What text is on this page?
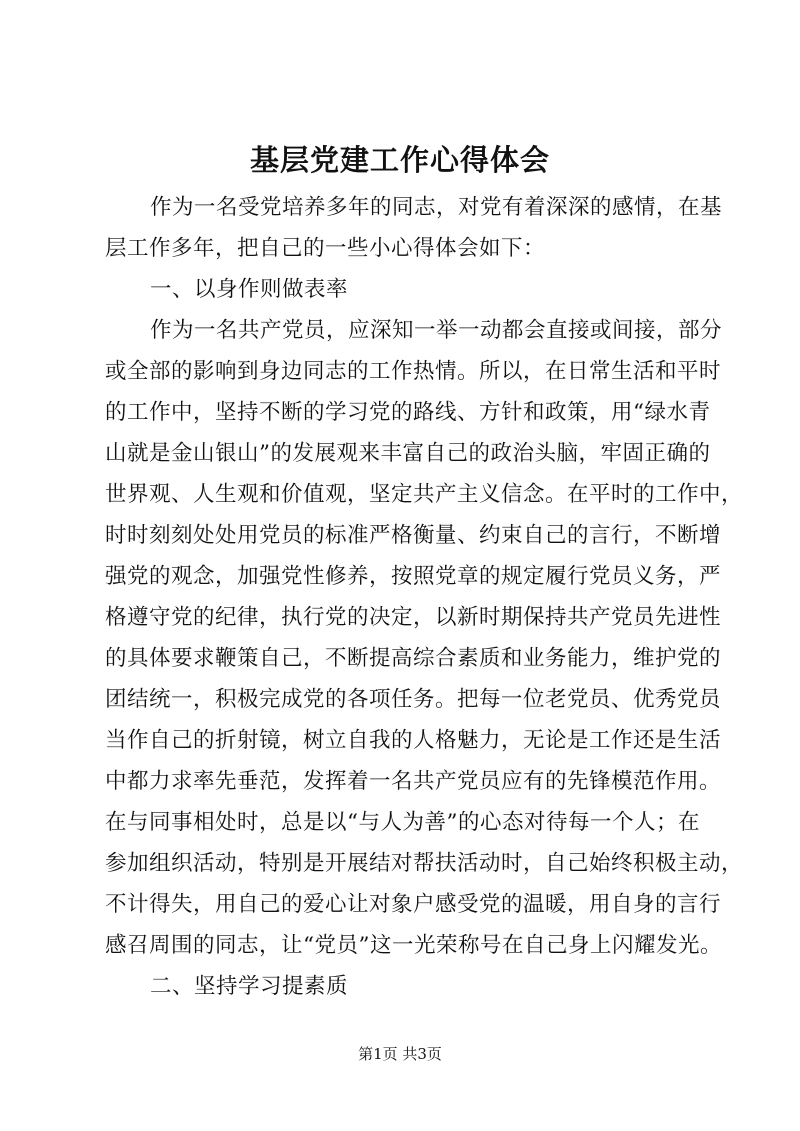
基层党建工作心得体会
作为一名受党培养多年的同志，对党有着深深的感情，在基
层工作多年，把自己的一些小心得体会如下：
一、以身作则做表率
作为一名共产党员，应深知一举一动都会直接或间接，部分
或全部的影响到身边同志的工作热情。所以，在日常生活和平时
的工作中，坚持不断的学习党的路线、方针和政策，用“绿水青
山就是金山银山”的发展观来丰富自己的政治头脑，牢固正确的
世界观、人生观和价值观，坚定共产主义信念。在平时的工作中，
时时刻刻处处用党员的标准严格衡量、约束自己的言行，不断增
强党的观念，加强党性修养，按照党章的规定履行党员义务，严
格遵守党的纪律，执行党的决定，以新时期保持共产党员先进性
的具体要求鞭策自己，不断提高综合素质和业务能力，维护党的
团结统一，积极完成党的各项任务。把每一位老党员、优秀党员
当作自己的折射镜，树立自我的人格魅力，无论是工作还是生活
中都力求率先垂范，发挥着一名共产党员应有的先锋模范作用。
在与同事相处时，总是以“与人为善”的心态对待每一个人；在
参加组织活动，特别是开展结对帮扶活动时，自己始终积极主动，
不计得失，用自己的爱心让对象户感受党的温暖，用自身的言行
感召周围的同志，让“党员”这一光荣称号在自己身上闪耀发光。
二、坚持学习提素质
第1页 共3页
